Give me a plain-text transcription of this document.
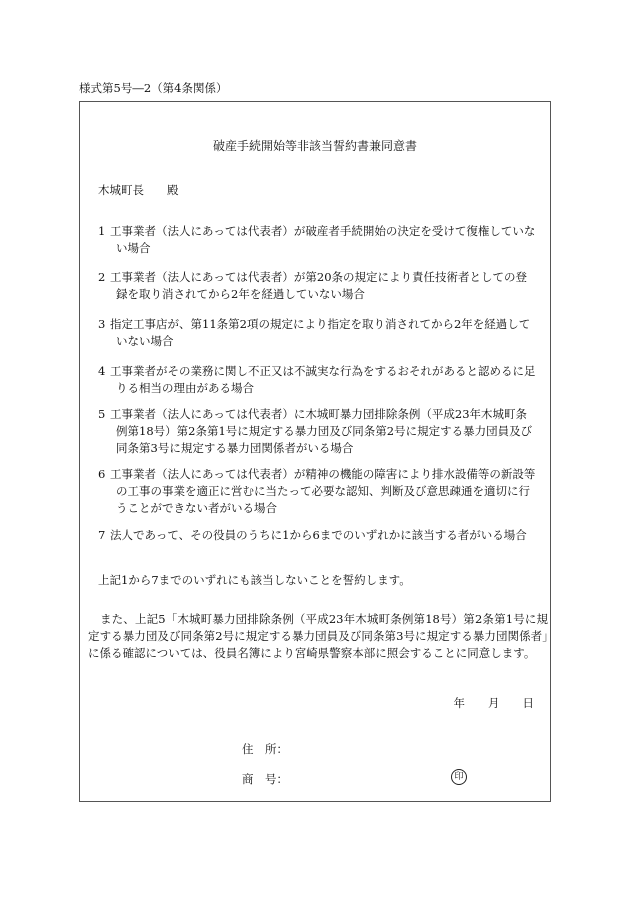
様式第5号―2（第4条関係）
破産手続開始等非該当誓約書兼同意書
木城町長　　殿
1 工事業者（法人にあっては代表者）が破産者手続開始の決定を受けて復権していない場合
2 工事業者（法人にあっては代表者）が第20条の規定により責任技術者としての登録を取り消されてから2年を経過していない場合
3 指定工事店が、第11条第2項の規定により指定を取り消されてから2年を経過していない場合
4 工事業者がその業務に関し不正又は不誠実な行為をするおそれがあると認めるに足りる相当の理由がある場合
5 工事業者（法人にあっては代表者）に木城町暴力団排除条例（平成23年木城町条例第18号）第2条第1号に規定する暴力団及び同条第2号に規定する暴力団員及び同条第3号に規定する暴力団関係者がいる場合
6 工事業者（法人にあっては代表者）が精神の機能の障害により排水設備等の新設等の工事の事業を適正に営むに当たって必要な認知、判断及び意思疎通を適切に行うことができない者がいる場合
7 法人であって、その役員のうちに1から6までのいずれかに該当する者がいる場合
上記1から7までのいずれにも該当しないことを誓約します。
また、上記5「木城町暴力団排除条例（平成23年木城町条例第18号）第2条第1号に規定する暴力団及び同条第2号に規定する暴力団員及び同条第3号に規定する暴力団関係者」に係る確認については、役員名簿により宮崎県警察本部に照会することに同意します。
年　　月　　日
住　所：
商　号：	印
